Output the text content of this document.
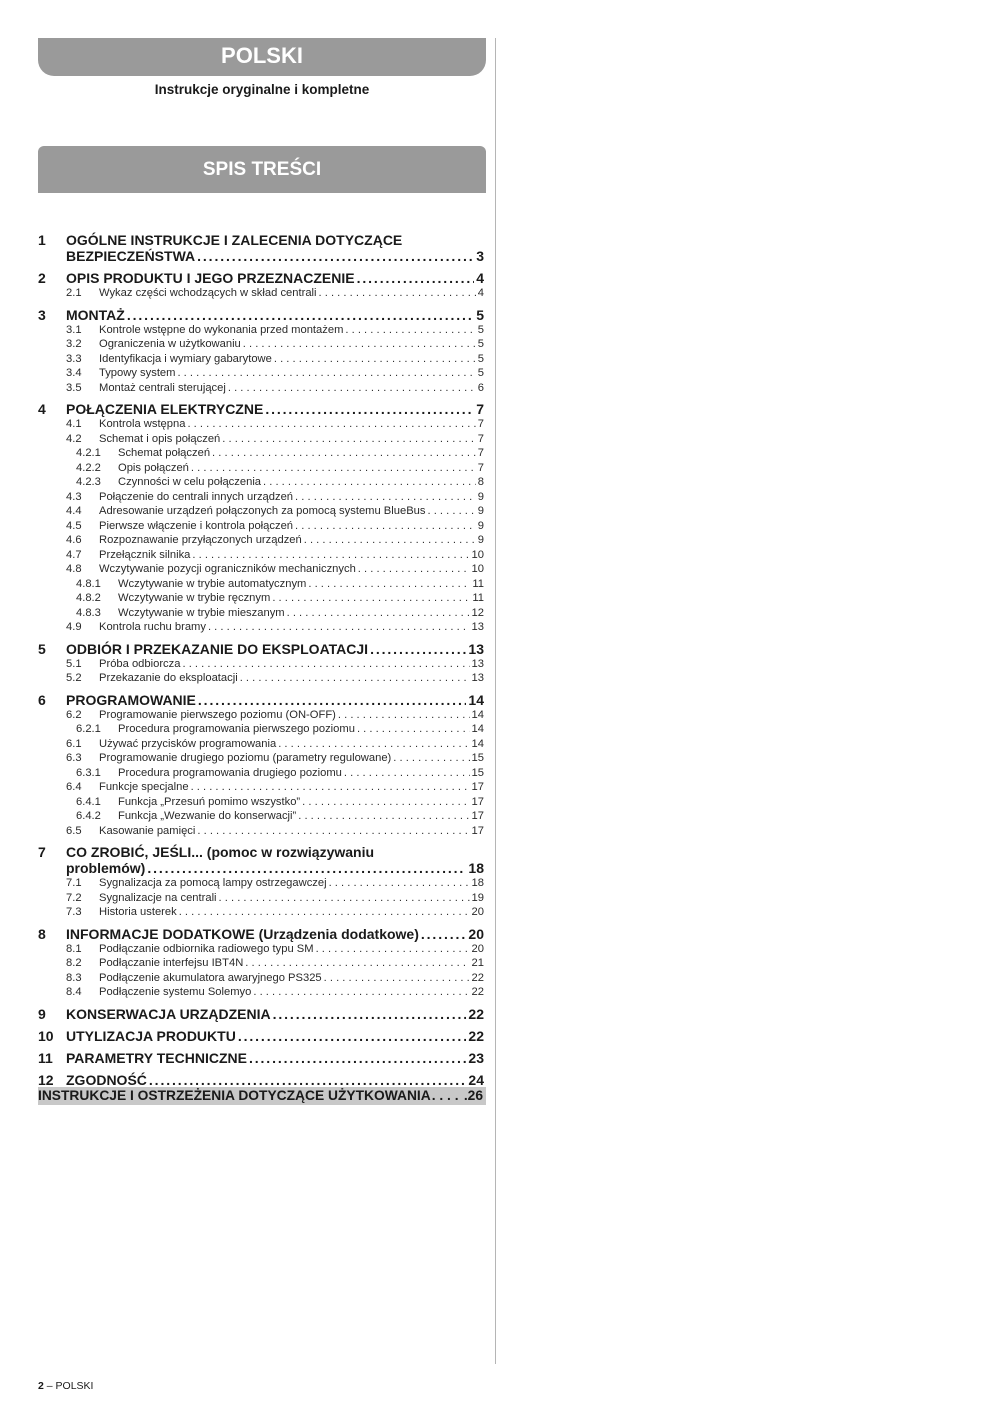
POLSKI
Instrukcje oryginalne i kompletne
SPIS TREŚCI
1	OGÓLNE INSTRUKCJE I ZALECENIA DOTYCZĄCE
BEZPIECZEŃSTWA . . .	3
2	OPIS PRODUKTU I JEGO PRZEZNACZENIE . . .	4
2.1	Wykaz części wchodzących w skład centrali . . .	4
3	MONTAŻ . . .	5
3.1	Kontrole wstępne do wykonania przed montażem . . .	5
3.2	Ograniczenia w użytkowaniu . . .	5
3.3	Identyfikacja i wymiary gabarytowe . . .	5
3.4	Typowy system . . .	5
3.5	Montaż centrali sterującej . . .	6
4	POŁĄCZENIA ELEKTRYCZNE . . .	7
4.1	Kontrola wstępna . . .	7
4.2	Schemat i opis połączeń . . .	7
4.2.1	Schemat połączeń . . .	7
4.2.2	Opis połączeń . . .	7
4.2.3	Czynności w celu połączenia . . .	8
4.3	Połączenie do centrali innych urządzeń . . .	9
4.4	Adresowanie urządzeń połączonych za pomocą systemu BlueBus . . .	9
4.5	Pierwsze włączenie i kontrola połączeń . . .	9
4.6	Rozpoznawanie przyłączonych urządzeń . . .	9
4.7	Przełącznik silnika . . .	10
4.8	Wczytywanie pozycji ograniczników mechanicznych . . .	10
4.8.1	Wczytywanie w trybie automatycznym . . .	11
4.8.2	Wczytywanie w trybie ręcznym . . .	11
4.8.3	Wczytywanie w trybie mieszanym . . .	12
4.9	Kontrola ruchu bramy . . .	13
5	ODBIÓR I PRZEKAZANIE DO EKSPLOATACJI . . .	13
5.1	Próba odbiorcza . . .	13
5.2	Przekazanie do eksploatacji . . .	13
6	PROGRAMOWANIE . . .	14
6.2	Programowanie pierwszego poziomu (ON-OFF) . . .	14
6.2.1	Procedura programowania pierwszego poziomu . . .	14
6.1	Używać przycisków programowania . . .	14
6.3	Programowanie drugiego poziomu (parametry regulowane) . . .	15
6.3.1	Procedura programowania drugiego poziomu . . .	15
6.4	Funkcje specjalne . . .	17
6.4.1	Funkcja „Przesuń pomimo wszystko” . . .	17
6.4.2	Funkcja „Wezwanie do konserwacji” . . .	17
6.5	Kasowanie pamięci . . .	17
7	CO ZROBIĆ, JEŚLI... (pomoc w rozwiązywaniu
problemów) . . .	18
7.1	Sygnalizacja za pomocą lampy ostrzegawczej . . .	18
7.2	Sygnalizacje na centrali . . .	19
7.3	Historia usterek . . .	20
8	INFORMACJE DODATKOWE (Urządzenia dodatkowe) . . .	20
8.1	Podłączanie odbiornika radiowego typu SM . . .	20
8.2	Podłączanie interfejsu IBT4N . . .	21
8.3	Podłączenie akumulatora awaryjnego PS325 . . .	22
8.4	Podłączenie systemu Solemyo . . .	22
9	KONSERWACJA URZĄDZENIA . . .	22
10 UTYLIZACJA PRODUKTU . . .	22
11 PARAMETRY TECHNICZNE . . .	23
12 ZGODNOŚĆ . . .	24
INSTRUKCJE I OSTRZEŻENIA DOTYCZĄCE UŻYTKOWANIA . . . .26
2 – POLSKI
